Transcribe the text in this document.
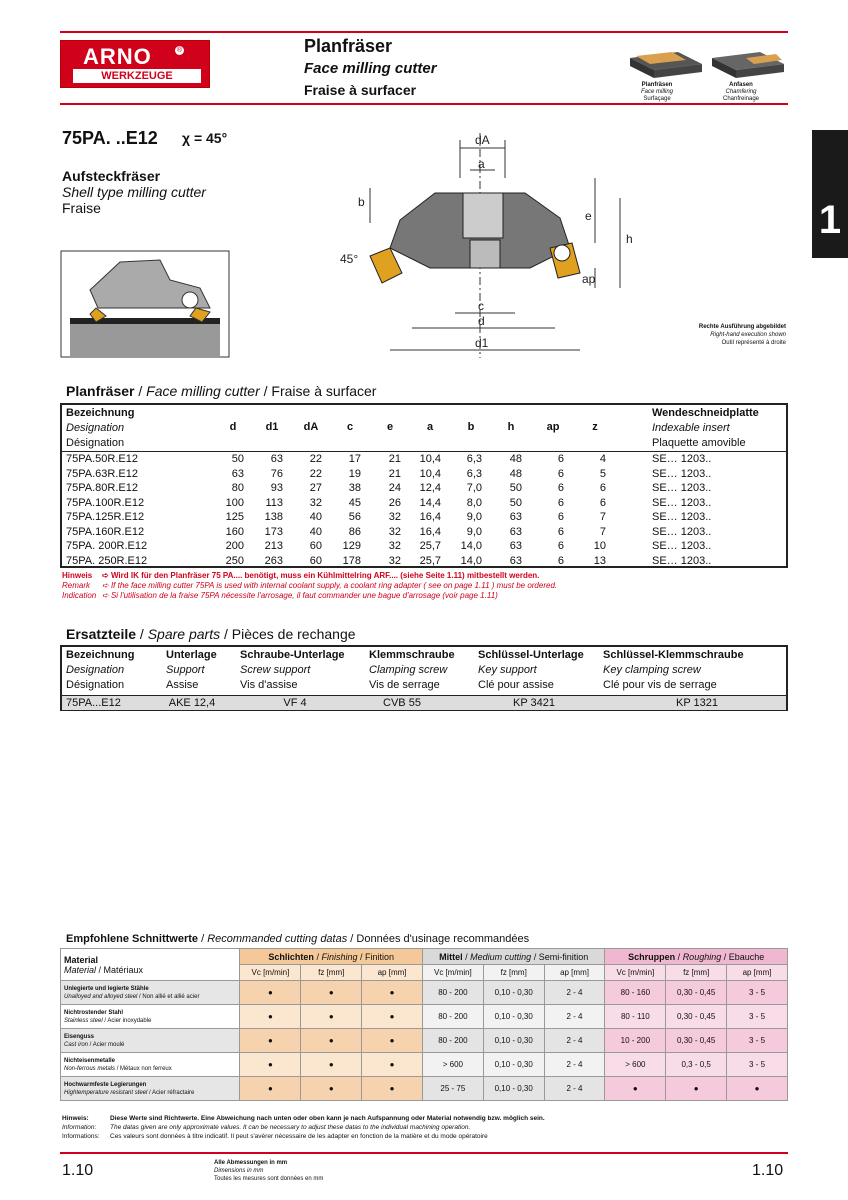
ARNO	®
WERKZEUGE
Planfräser
Face milling cutter
Fraise à surfacer	Planfräsen
Face milling
Surfaçage
Anfasen
Chamfering
Chanfreinage
1
75PA. ..E12 χ = 45°
Aufsteckfräser
Shell type milling cutter
Fraise
dA
a
b
e
h
ap
c
d
d1
45°
Rechte Ausführung abgebildet
Right-hand execution shown
Outil représenté à droite
Planfräser / Face milling cutter / Fraise à surfacer
Bezeichnung
Designation
Désignation
Wendeschneidplatte
Indexable insert
Plaquette amovible
d	d1	dA	c	e	a	b	h	ap	z
75PA.50R.E12	50	63	22	17	21	10,4	6,3	48	6	4	SE… 1203..
75PA.63R.E12	63	76	22	19	21	10,4	6,3	48	6	5	SE… 1203..
75PA.80R.E12	80	93	27	38	24	12,4	7,0	50	6	6	SE… 1203..
75PA.100R.E12	100	113	32	45	26	14,4	8,0	50	6	6	SE… 1203..
75PA.125R.E12	125	138	40	56	32	16,4	9,0	63	6	7	SE… 1203..
75PA.160R.E12	160	173	40	86	32	16,4	9,0	63	6	7	SE… 1203..
75PA. 200R.E12	200	213	60	129	32	25,7	14,0	63	6	10	SE… 1203..
75PA. 250R.E12	250	263	60	178	32	25,7	14,0	63	6	13	SE… 1203..
Hinweis ➪ Wird IK für den Planfräser 75 PA.... benötigt, muss ein Kühlmittelring ARF.... (siehe Seite 1.11) mitbestellt werden.
Remark ➪ If the face milling cutter 75PA is used with internal coolant supply, a coolant ring adapter ( see on page 1.11 ) must be ordered.
Indication ➪ Si l'utilisation de la fraise 75PA nécessite l'arrosage, il faut commander une bague d'arrosage (voir page 1.11)
Ersatzteile / Spare parts / Pièces de rechange
Bezeichnung
Designation
Désignation
Unterlage
Support
Assise
Schraube-Unterlage
Screw support
Vis d'assise
Klemmschraube
Clamping screw
Vis de serrage
Schlüssel-Unterlage
Key support
Clé pour assise
Schlüssel-Klemmschraube
Key clamping screw
Clé pour vis de serrage
75PA...E12	AKE 12,4	VF 4	CVB 55	KP 3421	KP 1321
Empfohlene Schnittwerte / Recommanded cutting datas / Données d'usinage recommandées
Material
Material / Matériaux	Schlichten / Finishing / Finition			Mittel / Medium cutting / Semi-finition			Schruppen / Roughing / Ebauche		
	Vc [m/min]	fz [mm]	ap [mm]	Vc [m/min]	fz [mm]	ap [mm]	Vc [m/min]	fz [mm]	ap [mm]

Unlegierte und legierte Stähle
Unalloyed and alloyed steel / Non allié et allié acier	●	●	●	80 - 200	0,10 - 0,30	2 - 4	80 - 160	0,30 - 0,45	3 - 5

Nichtrostender Stahl
Stainless steel / Acier inoxydable	●	●	●	80 - 200	0,10 - 0,30	2 - 4	80 - 110	0,30 - 0,45	3 - 5

Eisenguss
Cast iron / Acier moulé	●	●	●	80 - 200	0,10 - 0,30	2 - 4	10 - 200	0,30 - 0,45	3 - 5

Nichteisenmetalle
Non-ferrous metals / Métaux non ferreux	●	●	●	> 600	0,10 - 0,30	2 - 4	> 600	0,3 - 0,5	3 - 5

Hochwarmfeste Legierungen
Hightemperature resistant steel / Acier réfractaire	●	●	●	25 - 75	0,10 - 0,30	2 - 4	●	●	●
Hinweis:	Diese Werte sind Richtwerte. Eine Abweichung nach unten oder oben kann je nach Aufspannung oder Material notwendig bzw. möglich sein.
Information: The datas given are only approximate values. It can be necessary to adjust these datas to the individual machining operation.
Informations: Ces valeurs sont données à titre indicatif. Il peut s'avérer nécessaire de les adapter en fonction de la matière et du mode opératoire
1.10	1.10
Alle Abmessungen in mm
Dimensions in mm
Toutes les mesures sont données en mm
